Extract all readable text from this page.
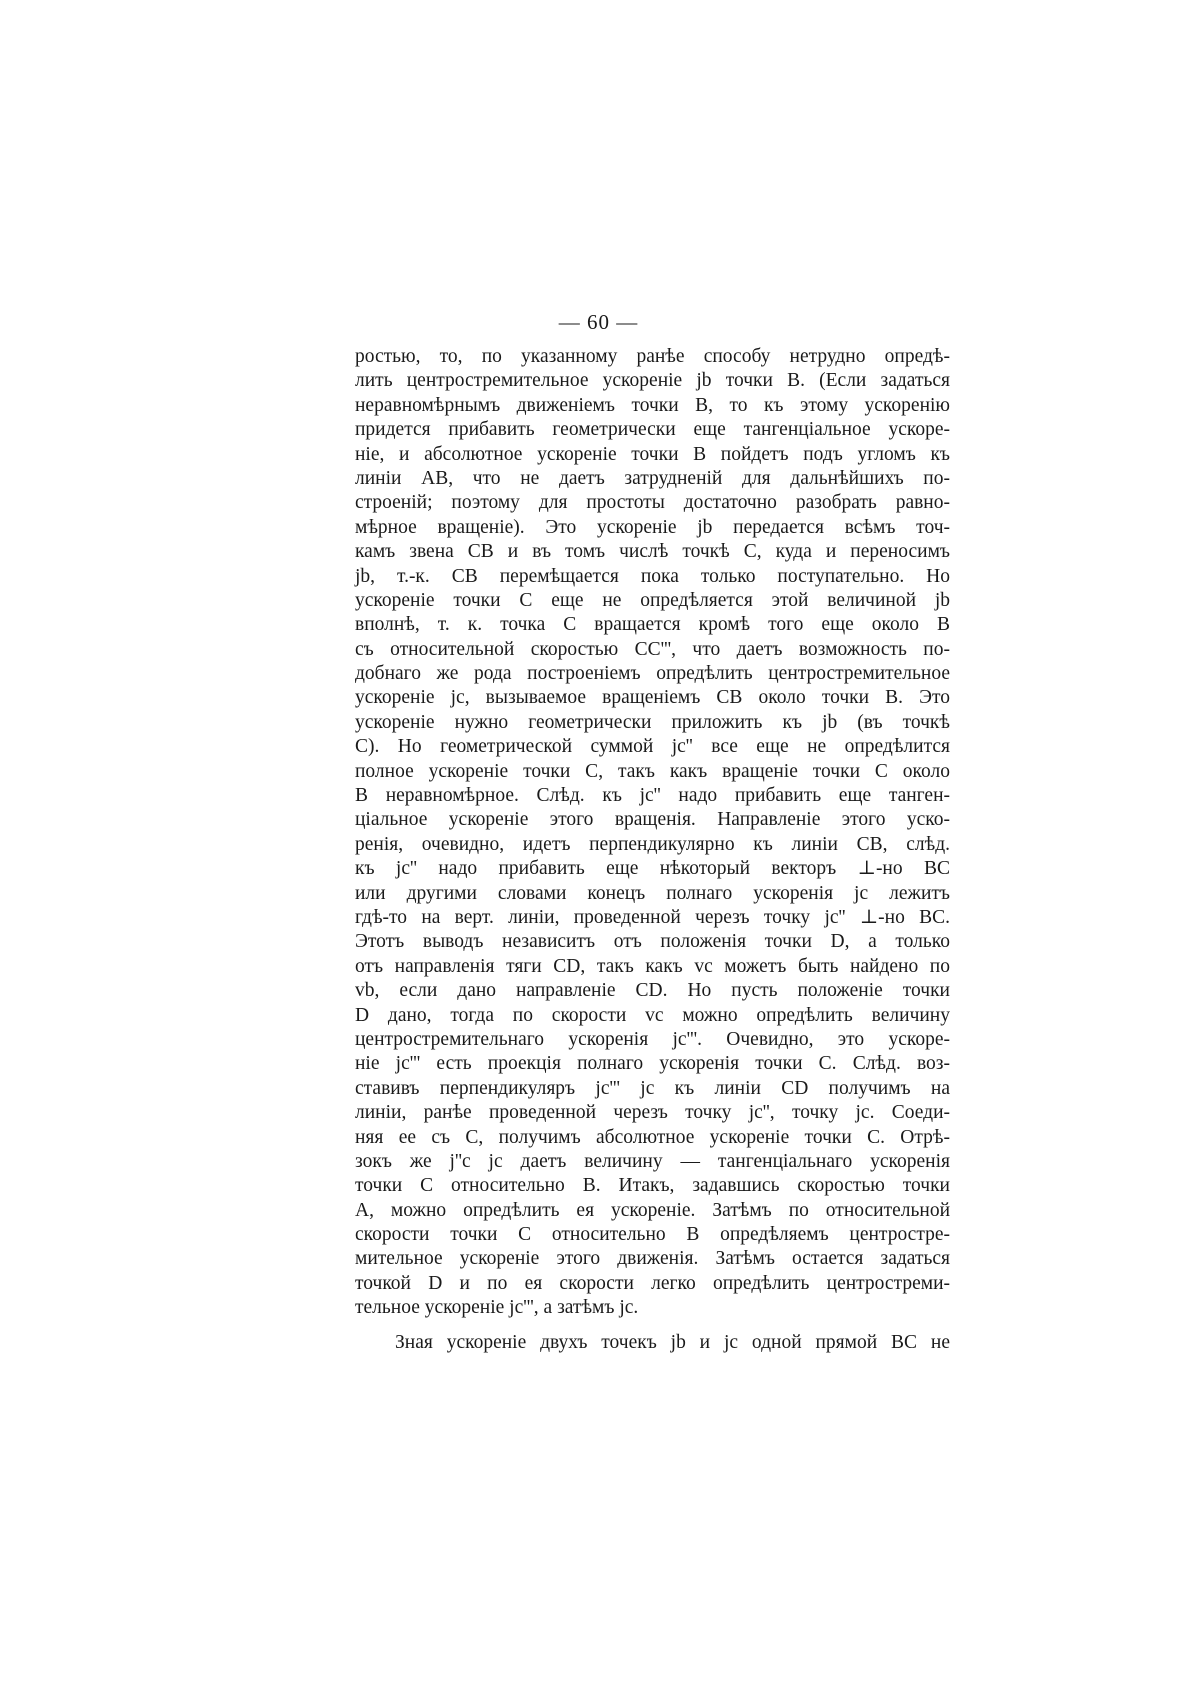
— 60 —
ростью, то, по указанному ранѣе способу нетрудно опредѣ-
лить центростремительное ускореніе jb точки B. (Если задаться
неравномѣрнымъ движеніемъ точки B, то къ этому ускоренію
придется прибавить геометрически еще тангенціальное ускоре-
ніе, и абсолютное ускореніе точки B пойдетъ подъ угломъ къ
линіи AB, что не даетъ затрудненій для дальнѣйшихъ по-
строеній; поэтому для простоты достаточно разобрать равно-
мѣрное вращеніе). Это ускореніе jb передается всѣмъ точ-
камъ звена CB и въ томъ числѣ точкѣ C, куда и переносимъ
jb, т.-к. CB перемѣщается пока только поступательно. Но
ускореніе точки C еще не опредѣляется этой величиной jb
вполнѣ, т. к. точка C вращается кромѣ того еще около B
съ относительной скоростью CC''', что даетъ возможность по-
добнаго же рода построеніемъ опредѣлить центростремительное
ускореніе jc, вызываемое вращеніемъ CB около точки B. Это
ускореніе нужно геометрически приложить къ jb (въ точкѣ
C). Но геометрической суммой jc'' все еще не опредѣлится
полное ускореніе точки C, такъ какъ вращеніе точки C около
B неравномѣрное. Слѣд. къ jc'' надо прибавить еще танген-
ціальное ускореніе этого вращенія. Направленіе этого уско-
ренія, очевидно, идетъ перпендикулярно къ линіи CB, слѣд.
къ jc'' надо прибавить еще нѣкоторый векторъ ⊥-но BC
или другими словами конецъ полнаго ускоренія jc лежитъ
гдѣ-то на верт. линіи, проведенной черезъ точку jc'' ⊥-но BC.
Этотъ выводъ независитъ отъ положенія точки D, а только
отъ направленія тяги CD, такъ какъ vc можетъ быть найдено по
vb, если дано направленіе CD. Но пусть положеніе точки
D дано, тогда по скорости vc можно опредѣлить величину
центростремительнаго ускоренія jc'''. Очевидно, это ускоре-
ніе jc''' есть проекція полнаго ускоренія точки C. Слѣд. воз-
ставивъ перпендикуляръ jc''' jc къ линіи CD получимъ на
линіи, ранѣе проведенной черезъ точку jc'', точку jc. Соеди-
няя ее съ C, получимъ абсолютное ускореніе точки C. Отрѣ-
зокъ же j''c jc даетъ величину — тангенціальнаго ускоренія
точки C относительно B. Итакъ, задавшись скоростью точки
A, можно опредѣлить ея ускореніе. Затѣмъ по относительной
скорости точки C относительно B опредѣляемъ центростре-
мительное ускореніе этого движенія. Затѣмъ остается задаться
точкой D и по ея скорости легко опредѣлить центростреми-
тельное ускореніе jc''', а затѣмъ jc.
Зная ускореніе двухъ точекъ jb и jc одной прямой BC не
